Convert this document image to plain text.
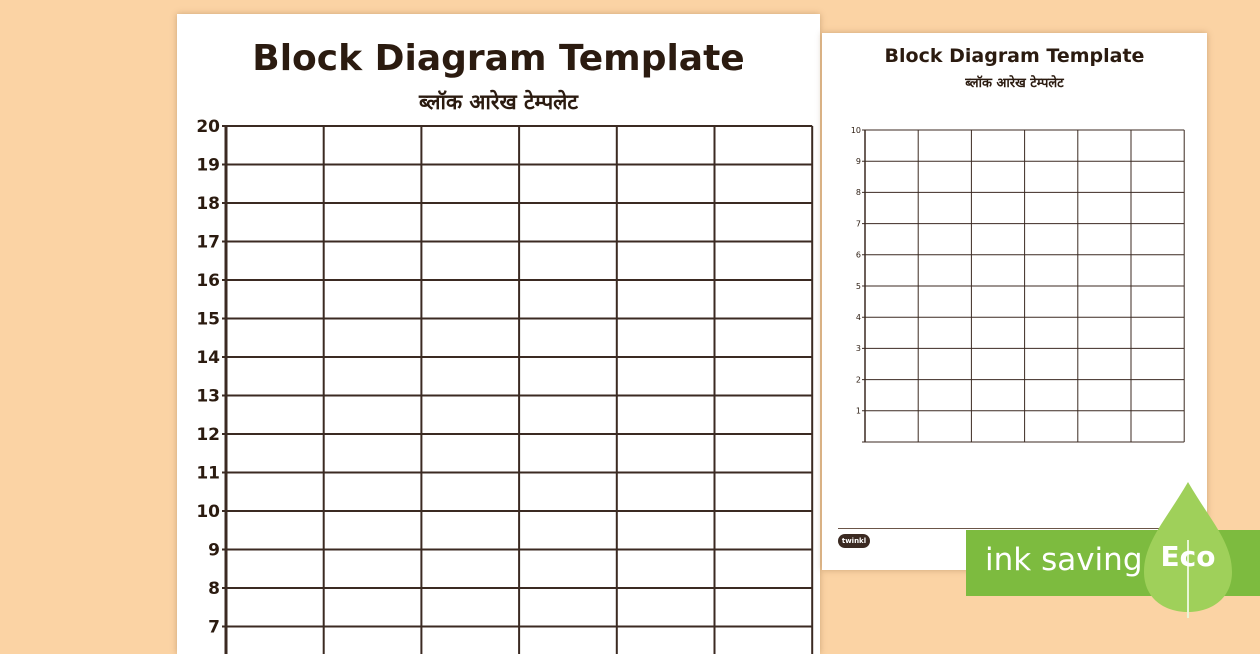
Block Diagram Template
ब्लॉक आरेख टेम्पलेट
20
19
18
17
16
15
14
13
12
11
10
9
8
7
Block Diagram Template
ब्लॉक आरेख टेम्पलेट
10
9
8
7
6
5
4
3
2
1
twinkl
ink saving Eco
